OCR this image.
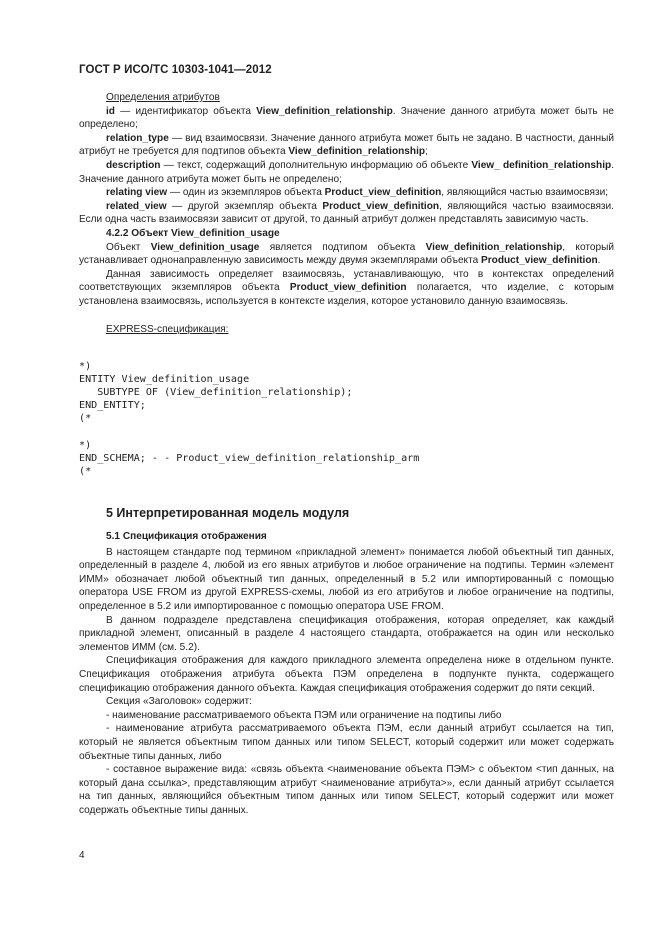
ГОСТ Р ИСО/ТС 10303-1041—2012

Определения атрибутов

id — идентификатор объекта View_definition_relationship. Значение данного атрибута может быть не определено;

relation_type — вид взаимосвязи. Значение данного атрибута может быть не задано. В частности, данный атрибут не требуется для подтипов объекта View_definition_relationship;

description — текст, содержащий дополнительную информацию об объекте View_ definition_relationship. Значение данного атрибута может быть не определено;

relating view — один из экземпляров объекта Product_view_definition, являющийся частью взаимосвязи;

related_view — другой экземпляр объекта Product_view_definition, являющийся частью взаимосвязи. Если одна часть взаимосвязи зависит от другой, то данный атрибут должен представлять зависимую часть.

4.2.2 Объект View_definition_usage

Объект View_definition_usage является подтипом объекта View_definition_relationship, который устанавливает однонаправленную зависимость между двумя экземплярами объекта Product_view_definition.

Данная зависимость определяет взаимосвязь, устанавливающую, что в контекстах определений соответствующих экземпляров объекта Product_view_definition полагается, что изделие, с которым установлена взаимосвязь, используется в контексте изделия, которое установило данную взаимосвязь.

EXPRESS-спецификация:

*)
ENTITY View_definition_usage
SUBTYPE OF (View_definition_relationship);
END_ENTITY;
(*
*)
END_SCHEMA; - - Product_view_definition_relationship_arm
(*
5 Интерпретированная модель модуля
5.1 Спецификация отображения

В настоящем стандарте под термином «прикладной элемент» понимается любой объектный тип данных, определенный в разделе 4, любой из его явных атрибутов и любое ограничение на подтипы. Термин «элемент ИММ» обозначает любой объектный тип данных, определенный в 5.2 или импортированный с помощью оператора USE FROM из другой EXPRESS-схемы, любой из его атрибутов и любое ограничение на подтипы, определенное в 5.2 или импортированное с помощью оператора USE FROM.

В данном подразделе представлена спецификация отображения, которая определяет, как каждый прикладной элемент, описанный в разделе 4 настоящего стандарта, отображается на один или несколько элементов ИММ (см. 5.2).

Спецификация отображения для каждого прикладного элемента определена ниже в отдельном пункте. Спецификация отображения атрибута объекта ПЭМ определена в подпункте пункта, содержащего спецификацию отображения данного объекта. Каждая спецификация отображения содержит до пяти секций.

Секция «Заголовок» содержит:

- наименование рассматриваемого объекта ПЭМ или ограничение на подтипы либо

- наименование атрибута рассматриваемого объекта ПЭМ, если данный атрибут ссылается на тип, который не является объектным типом данных или типом SELECT, который содержит или может содержать объектные типы данных, либо

- составное выражение вида: «связь объекта <наименование объекта ПЭМ> с объектом <тип данных, на который дана ссылка>, представляющим атрибут <наименование атрибута>», если данный атрибут ссылается на тип данных, являющийся объектным типом данных или типом SELECT, который содержит или может содержать объектные типы данных.

4
